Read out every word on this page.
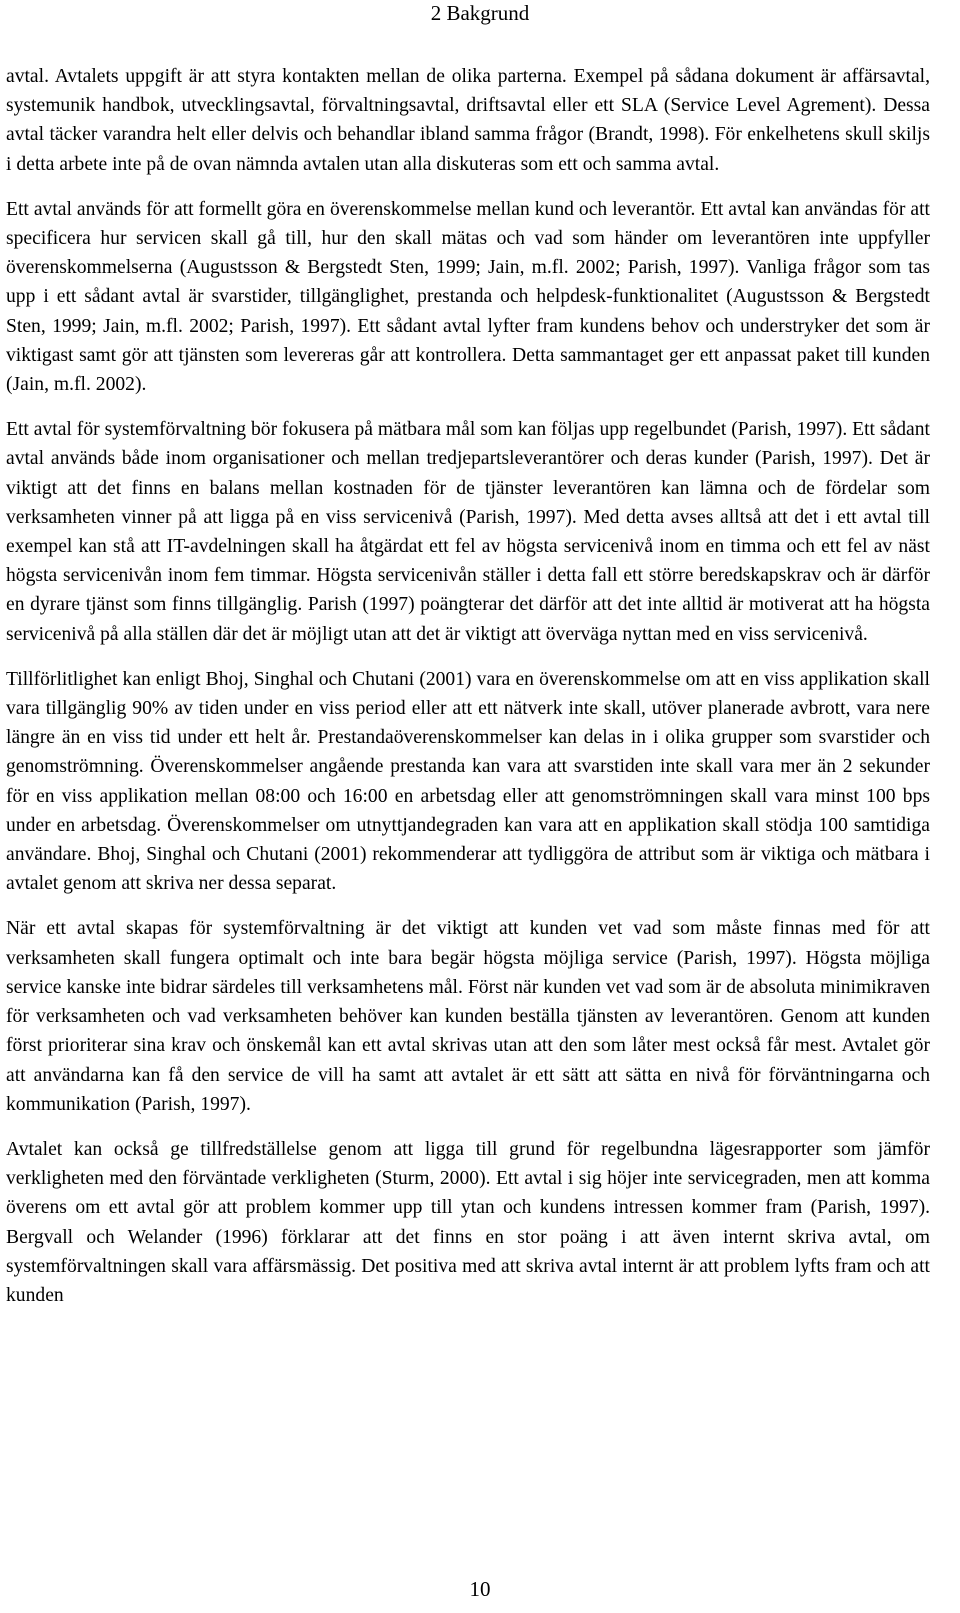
2 Bakgrund

avtal. Avtalets uppgift är att styra kontakten mellan de olika parterna. Exempel på sådana dokument är affärsavtal, systemunik handbok, utvecklingsavtal, förvaltningsavtal, driftsavtal eller ett SLA (Service Level Agrement). Dessa avtal täcker varandra helt eller delvis och behandlar ibland samma frågor (Brandt, 1998). För enkelhetens skull skiljs i detta arbete inte på de ovan nämnda avtalen utan alla diskuteras som ett och samma avtal.

Ett avtal används för att formellt göra en överenskommelse mellan kund och leverantör. Ett avtal kan användas för att specificera hur servicen skall gå till, hur den skall mätas och vad som händer om leverantören inte uppfyller överenskommelserna (Augustsson & Bergstedt Sten, 1999; Jain, m.fl. 2002; Parish, 1997). Vanliga frågor som tas upp i ett sådant avtal är svarstider, tillgänglighet, prestanda och helpdesk-funktionalitet (Augustsson & Bergstedt Sten, 1999; Jain, m.fl. 2002; Parish, 1997). Ett sådant avtal lyfter fram kundens behov och understryker det som är viktigast samt gör att tjänsten som levereras går att kontrollera. Detta sammantaget ger ett anpassat paket till kunden (Jain, m.fl. 2002).

Ett avtal för systemförvaltning bör fokusera på mätbara mål som kan följas upp regelbundet (Parish, 1997). Ett sådant avtal används både inom organisationer och mellan tredjepartsleverantörer och deras kunder (Parish, 1997). Det är viktigt att det finns en balans mellan kostnaden för de tjänster leverantören kan lämna och de fördelar som verksamheten vinner på att ligga på en viss servicenivå (Parish, 1997). Med detta avses alltså att det i ett avtal till exempel kan stå att IT-avdelningen skall ha åtgärdat ett fel av högsta servicenivå inom en timma och ett fel av näst högsta servicenivån inom fem timmar. Högsta servicenivån ställer i detta fall ett större beredskapskrav och är därför en dyrare tjänst som finns tillgänglig. Parish (1997) poängterar det därför att det inte alltid är motiverat att ha högsta servicenivå på alla ställen där det är möjligt utan att det är viktigt att överväga nyttan med en viss servicenivå.

Tillförlitlighet kan enligt Bhoj, Singhal och Chutani (2001) vara en överenskommelse om att en viss applikation skall vara tillgänglig 90% av tiden under en viss period eller att ett nätverk inte skall, utöver planerade avbrott, vara nere längre än en viss tid under ett helt år. Prestandaöverenskommelser kan delas in i olika grupper som svarstider och genomströmning. Överenskommelser angående prestanda kan vara att svarstiden inte skall vara mer än 2 sekunder för en viss applikation mellan 08:00 och 16:00 en arbetsdag eller att genomströmningen skall vara minst 100 bps under en arbetsdag. Överenskommelser om utnyttjandegraden kan vara att en applikation skall stödja 100 samtidiga användare. Bhoj, Singhal och Chutani (2001) rekommenderar att tydliggöra de attribut som är viktiga och mätbara i avtalet genom att skriva ner dessa separat.

När ett avtal skapas för systemförvaltning är det viktigt att kunden vet vad som måste finnas med för att verksamheten skall fungera optimalt och inte bara begär högsta möjliga service (Parish, 1997). Högsta möjliga service kanske inte bidrar särdeles till verksamhetens mål. Först när kunden vet vad som är de absoluta minimikraven för verksamheten och vad verksamheten behöver kan kunden beställa tjänsten av leverantören. Genom att kunden först prioriterar sina krav och önskemål kan ett avtal skrivas utan att den som låter mest också får mest. Avtalet gör att användarna kan få den service de vill ha samt att avtalet är ett sätt att sätta en nivå för förväntningarna och kommunikation (Parish, 1997).

Avtalet kan också ge tillfredställelse genom att ligga till grund för regelbundna lägesrapporter som jämför verkligheten med den förväntade verkligheten (Sturm, 2000). Ett avtal i sig höjer inte servicegraden, men att komma överens om ett avtal gör att problem kommer upp till ytan och kundens intressen kommer fram (Parish, 1997). Bergvall och Welander (1996) förklarar att det finns en stor poäng i att även internt skriva avtal, om systemförvaltningen skall vara affärsmässig. Det positiva med att skriva avtal internt är att problem lyfts fram och att kunden

10
